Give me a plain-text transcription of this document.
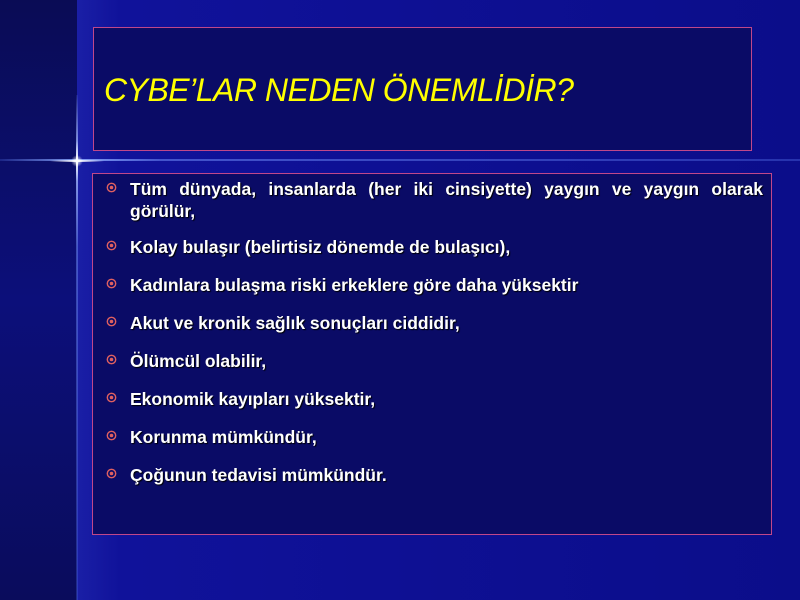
CYBE’LAR NEDEN ÖNEMLİDİR?
Tüm dünyada, insanlarda (her iki cinsiyette) yaygın ve yaygın olarak görülür,
Kolay bulaşır (belirtisiz dönemde de bulaşıcı),
Kadınlara bulaşma riski erkeklere göre daha yüksektir
Akut ve kronik sağlık sonuçları ciddidir,
Ölümcül olabilir,
Ekonomik kayıpları yüksektir,
Korunma mümkündür,
Çoğunun tedavisi mümkündür.
